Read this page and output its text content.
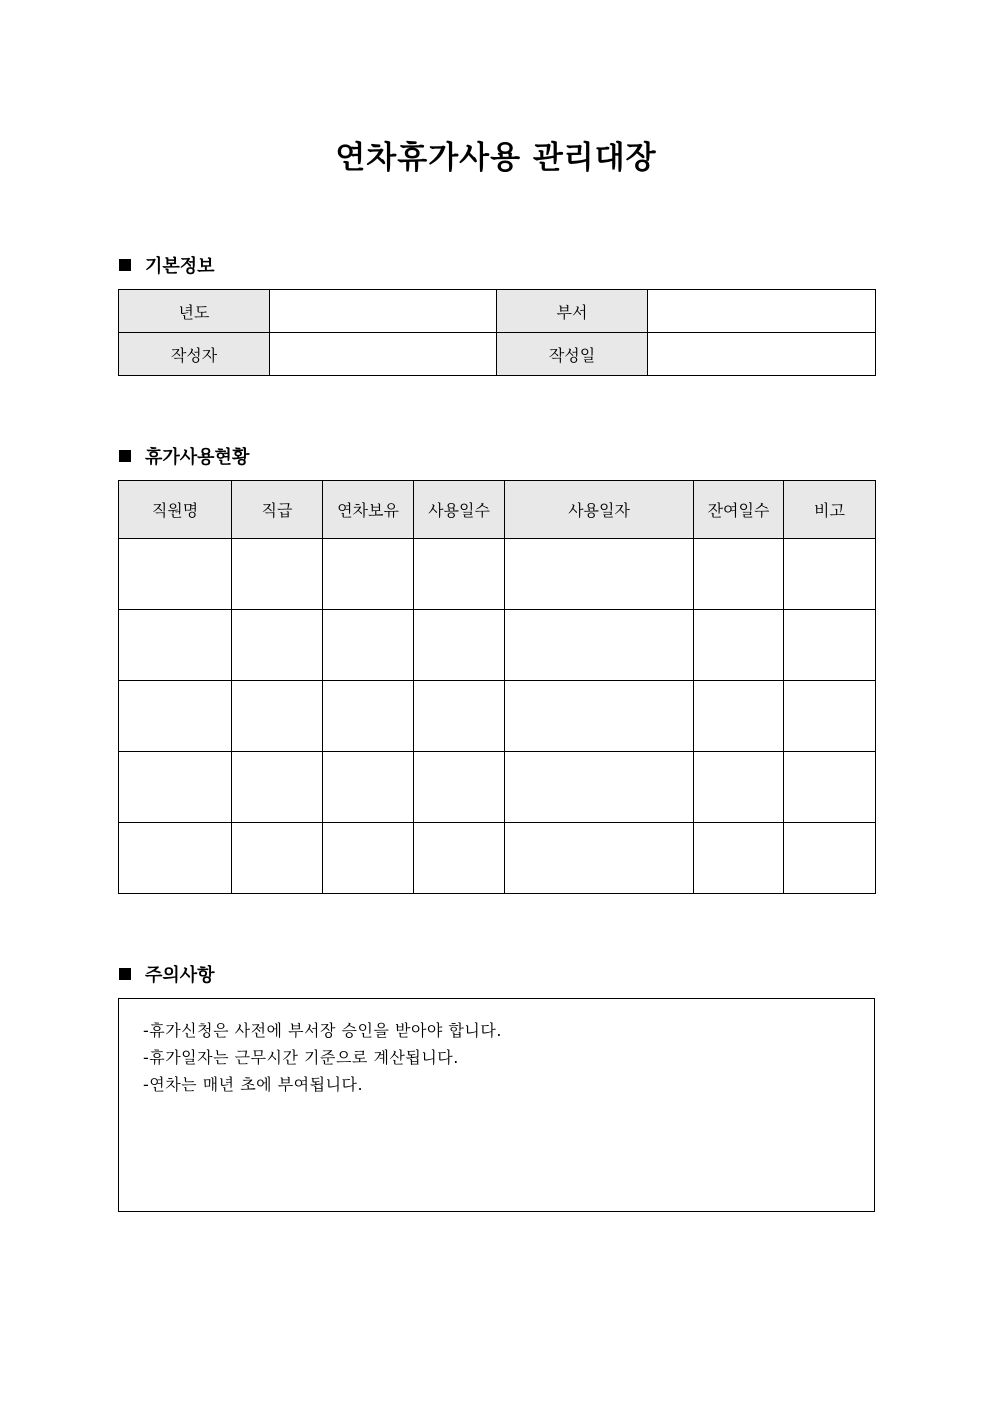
연차휴가사용 관리대장
기본정보
년도		부서	
작성자		작성일	
휴가사용현황
직원명	직급	연차보유	사용일수	사용일자	잔여일수	비고

주의사항
-휴가신청은 사전에 부서장 승인을 받아야 합니다.
-휴가일자는 근무시간 기준으로 계산됩니다.
-연차는 매년 초에 부여됩니다.
